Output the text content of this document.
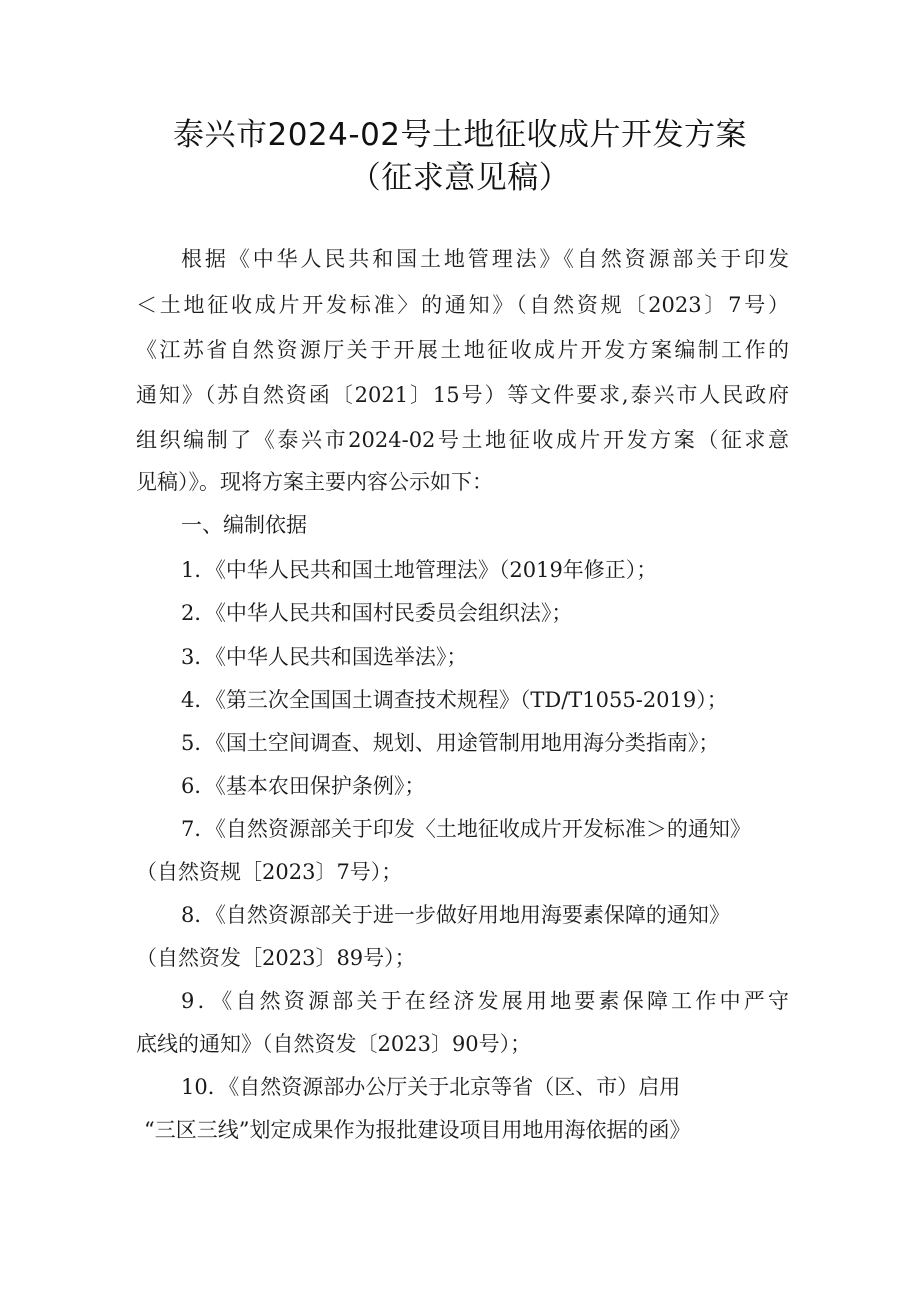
泰兴市2024-02号土地征收成片开发方案
（征求意见稿）
根据《中华人民共和国土地管理法》《自然资源部关于印发
＜土地征收成片开发标准〉的通知》（自然资规〔2023〕7号）
《江苏省自然资源厅关于开展土地征收成片开发方案编制工作的
通知》（苏自然资函〔2021〕15号）等文件要求,泰兴市人民政府
组织编制了《泰兴市2024-02号土地征收成片开发方案（征求意
见稿）》。现将方案主要内容公示如下：
一、编制依据
1．《中华人民共和国土地管理法》（2019年修正）；
2．《中华人民共和国村民委员会组织法》；
3．《中华人民共和国选举法》；
4．《第三次全国国土调查技术规程》（TD/T1055-2019）；
5．《国土空间调查、规划、用途管制用地用海分类指南》；
6．《基本农田保护条例》；
7．《自然资源部关于印发〈土地征收成片开发标准＞的通知》
（自然资规［2023〕7号）；
8．《自然资源部关于进一步做好用地用海要素保障的通知》
（自然资发［2023〕89号）；
9．《自然资源部关于在经济发展用地要素保障工作中严守
底线的通知》（自然资发〔2023〕90号）；
10．《自然资源部办公厅关于北京等省（区、市）启用
“三区三线”划定成果作为报批建设项目用地用海依据的函》
